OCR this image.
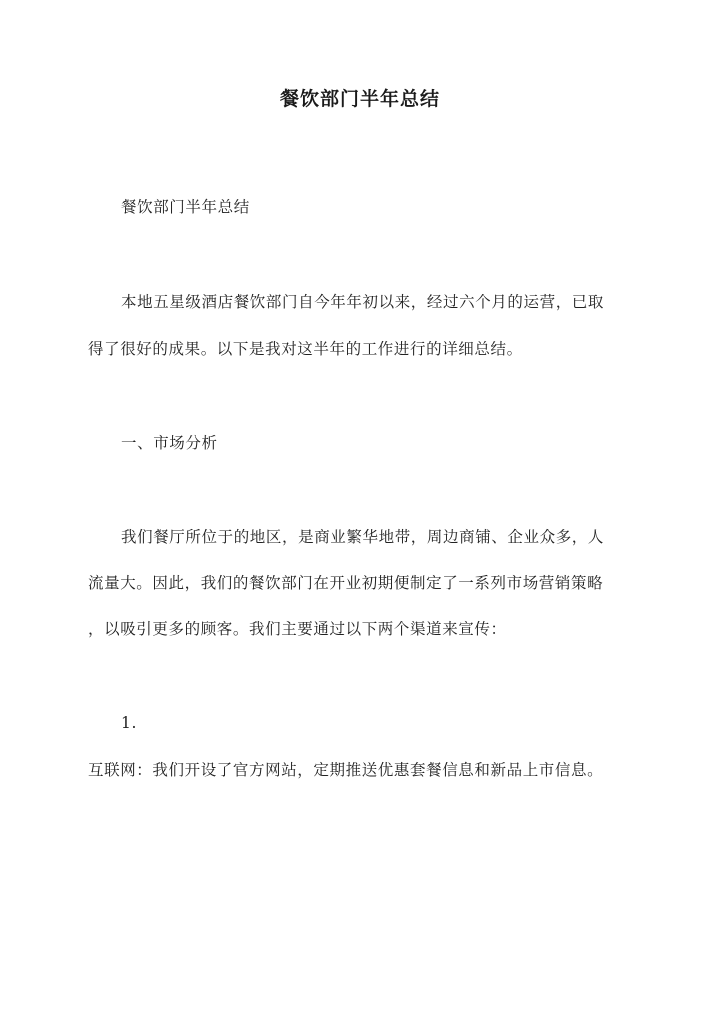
餐饮部门半年总结
餐饮部门半年总结
本地五星级酒店餐饮部门自今年年初以来，经过六个月的运营，已取
得了很好的成果。以下是我对这半年的工作进行的详细总结。
一、市场分析
我们餐厅所位于的地区，是商业繁华地带，周边商铺、企业众多，人
流量大。因此，我们的餐饮部门在开业初期便制定了一系列市场营销策略
，以吸引更多的顾客。我们主要通过以下两个渠道来宣传：
1.
互联网：我们开设了官方网站，定期推送优惠套餐信息和新品上市信息。
